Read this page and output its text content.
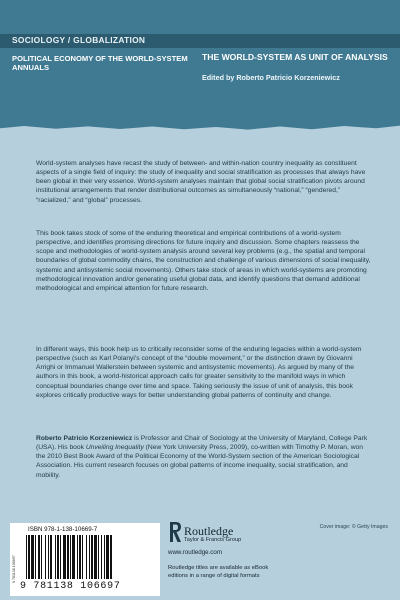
SOCIOLOGY / GLOBALIZATION
POLITICAL ECONOMY OF THE WORLD-SYSTEM ANNUALS
THE WORLD-SYSTEM AS UNIT OF ANALYSIS
Edited by Roberto Patricio Korzeniewicz

World-system analyses have recast the study of between- and within-nation country inequality as constituent aspects of a single field of inquiry: the study of inequality and social stratification as processes that always have been global in their very essence. World-system analyses maintain that global social stratification pivots around institutional arrangements that render distributional outcomes as simultaneously “national,” “gendered,” “racialized,” and “global” processes.

This book takes stock of some of the enduring theoretical and empirical contributions of a world-system perspective, and identifies promising directions for future inquiry and discussion. Some chapters reassess the scope and methodologies of world-system analysis around several key problems (e.g., the spatial and temporal boundaries of global commodity chains, the construction and challenge of various dimensions of social inequality, systemic and antisystemic social movements). Others take stock of areas in which world-systems are promoting methodological innovation and/or generating useful global data, and identify questions that demand additional methodological and empirical attention for future research.

In different ways, this book help us to critically reconsider some of the enduring legacies within a world-system perspective (such as Karl Polanyi’s concept of the “double movement,” or the distinction drawn by Giovanni Arrighi or Immanuel Wallerstein between systemic and antisystemic movements). As argued by many of the authors in this book, a world-historical approach calls for greater sensitivity to the manifold ways in which conceptual boundaries change over time and space. Taking seriously the issue of unit of analysis, this book explores critically productive ways for better understanding global patterns of continuity and change.

Roberto Patricio Korzeniewicz is Professor and Chair of Sociology at the University of Maryland, College Park (USA). His book Unveiling Inequality (New York University Press, 2009), co-written with Timothy P. Moran, won the 2010 Best Book Award of the Political Economy of the World-System section of the American Sociological Association. His current research focuses on global patterns of income inequality, social stratification, and mobility.

ISBN 978-1-138-10669-7
9 781138 106697
9 781138 106697
Routledge
Taylor & Francis Group
www.routledge.com
Routledge titles are available as eBook editions in a range of digital formats
Cover image: © Getty Images
